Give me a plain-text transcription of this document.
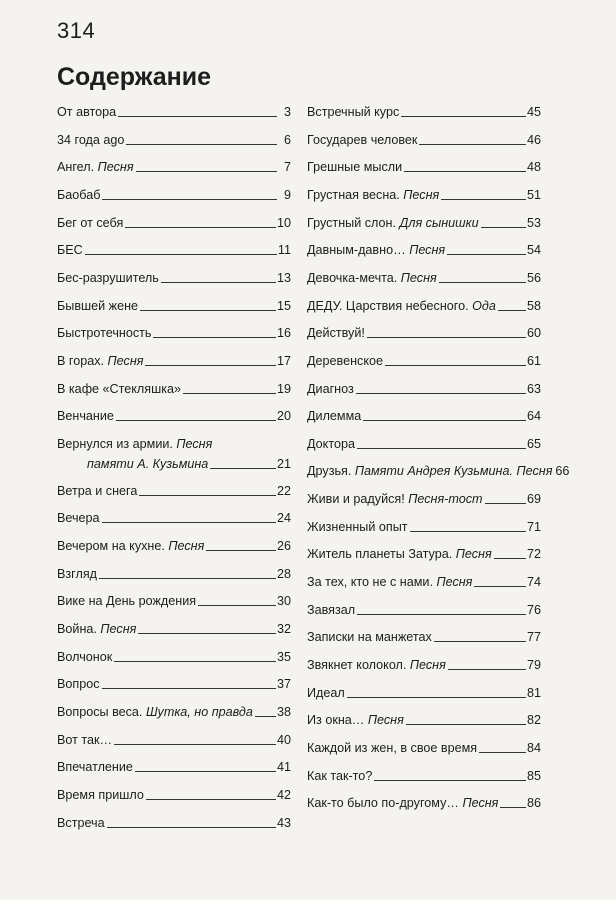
314
Содержание
От автора	3
34 года ago	6
Ангел. Песня	7
Баобаб	9
Бег от себя	10
БЕС	11
Бес-разрушитель	13
Бывшей жене	15
Быстротечность	16
В горах. Песня	17
В кафе «Стекляшка»	19
Венчание	20
Вернулся из армии. Песня
памяти А. Кузьмина	21
Ветра и снега	22
Вечера	24
Вечером на кухне. Песня	26
Взгляд	28
Вике на День рождения	30
Война. Песня	32
Волчонок	35
Вопрос	37
Вопросы веса. Шутка, но правда 38
Вот так…	40
Впечатление	41
Время пришло	42
Встреча	43
Встречный курс	45
Государев человек	46
Грешные мысли	48
Грустная весна. Песня	51
Грустный слон. Для сынишки	53
Давным-давно… Песня	54
Девочка-мечта. Песня	56
ДЕДУ. Царствия небесного. Ода 58
Действуй!	60
Деревенское	61
Диагноз	63
Дилемма	64
Доктора	65
Друзья. Памяти Андрея Кузьмина. Песня 66
Живи и радуйся! Песня-тост	69
Жизненный опыт	71
Житель планеты Затура. Песня	72
За тех, кто не с нами. Песня	74
Завязал	76
Записки на манжетах	77
Звякнет колокол. Песня	79
Идеал	81
Из окна… Песня	82
Каждой из жен, в свое время	84
Как так-то?	85
Как-то было по-другому… Песня 86
